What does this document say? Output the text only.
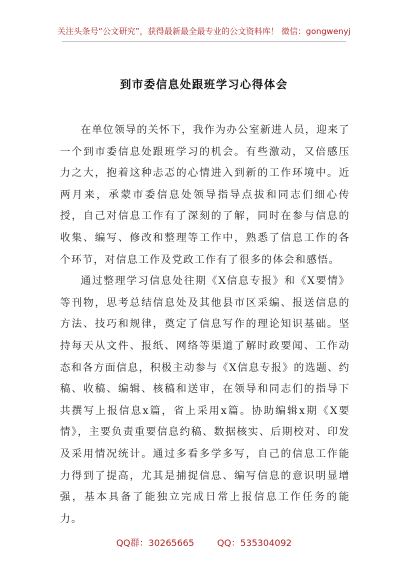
关注头条号“公文研究”，获得最新最全最专业的公文资料库！ 微信：gongwenyj
到市委信息处跟班学习心得体会

在单位领导的关怀下，我作为办公室新进人员，迎来了一个到市委信息处跟班学习的机会。有些激动，又倍感压力之大，抱着这种忐忑的心情进入到新的工作环境中。近两月来，承蒙市委信息处领导指导点拔和同志们细心传授，自己对信息工作有了深刻的了解，同时在参与信息的收集、编写、修改和整理等工作中，熟悉了信息工作的各个环节，对信息工作及党政工作有了很多的体会和感悟。

通过整理学习信息处往期《X信息专报》和《X要情》等刊物，思考总结信息处及其他县市区采编、报送信息的方法、技巧和规律，奠定了信息写作的理论知识基础。坚持每天从文件、报纸、网络等渠道了解时政要闻、工作动态和各方面信息，积极主动参与《X信息专报》的选题、约稿、收稿、编辑、核稿和送审，在领导和同志们的指导下共撰写上报信息x篇，省上采用x篇。协助编辑x期《X要情》，主要负责重要信息约稿、数据核实、后期校对、印发及采用情况统计。通过多看多学多写，自己的信息工作能力得到了提高，尤其是捕捉信息、编写信息的意识明显增强，基本具备了能独立完成日常上报信息工作任务的能力。

QQ群：30265665	QQ：535304092
